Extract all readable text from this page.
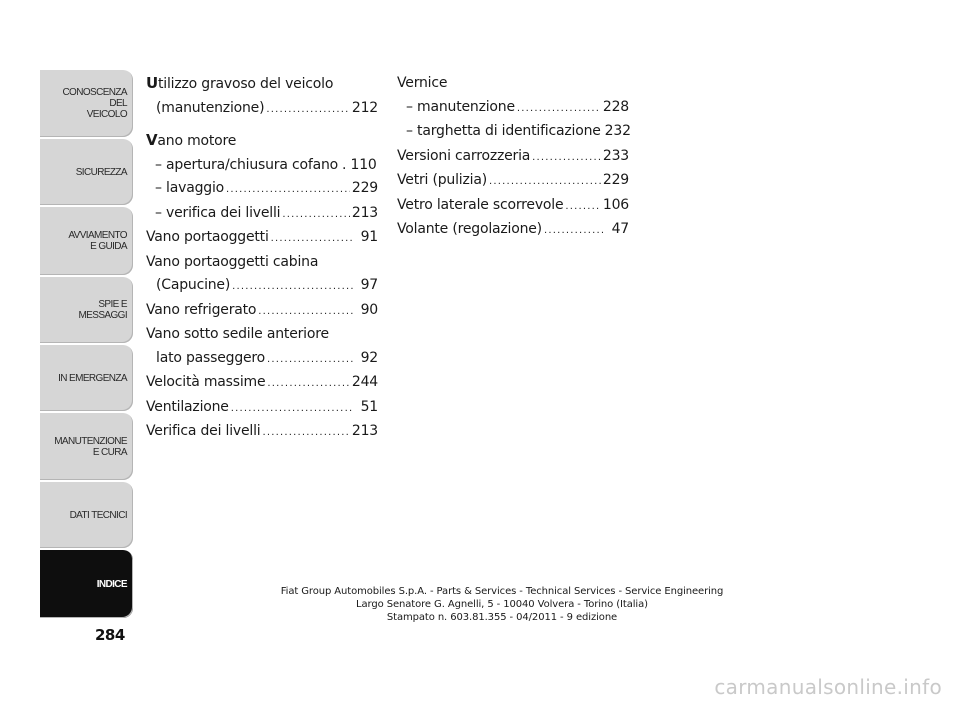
CONOSCENZA
DEL
VEICOLO
SICUREZZA
AVVIAMENTO
E GUIDA
SPIE E
MESSAGGI
IN EMERGENZA
MANUTENZIONE
E CURA
DATI TECNICI
INDICE
284
Utilizzo gravoso del veicolo
(manutenzione) .....	212
Vano motore
– apertura/chiusura cofano . 110
– lavaggio .....	229
– verifica dei livelli .....	213
Vano portaoggetti .....	91
Vano portaoggetti cabina
(Capucine) .....	97
Vano refrigerato .....	90
Vano sotto sedile anteriore
lato passeggero .....	92
Velocità massime .....	244
Ventilazione .....	51
Verifica dei livelli .....	213
Vernice
– manutenzione .....	228
– targhetta di identificazione 232
Versioni carrozzeria .....	233
Vetri (pulizia) .....	229
Vetro laterale scorrevole .....	106
Volante (regolazione) .....	47
Fiat Group Automobiles S.p.A. - Parts & Services - Technical Services - Service Engineering
Largo Senatore G. Agnelli, 5 - 10040 Volvera - Torino (Italia)
Stampato n. 603.81.355 - 04/2011 - 9 edizione
carmanualsonline.info
